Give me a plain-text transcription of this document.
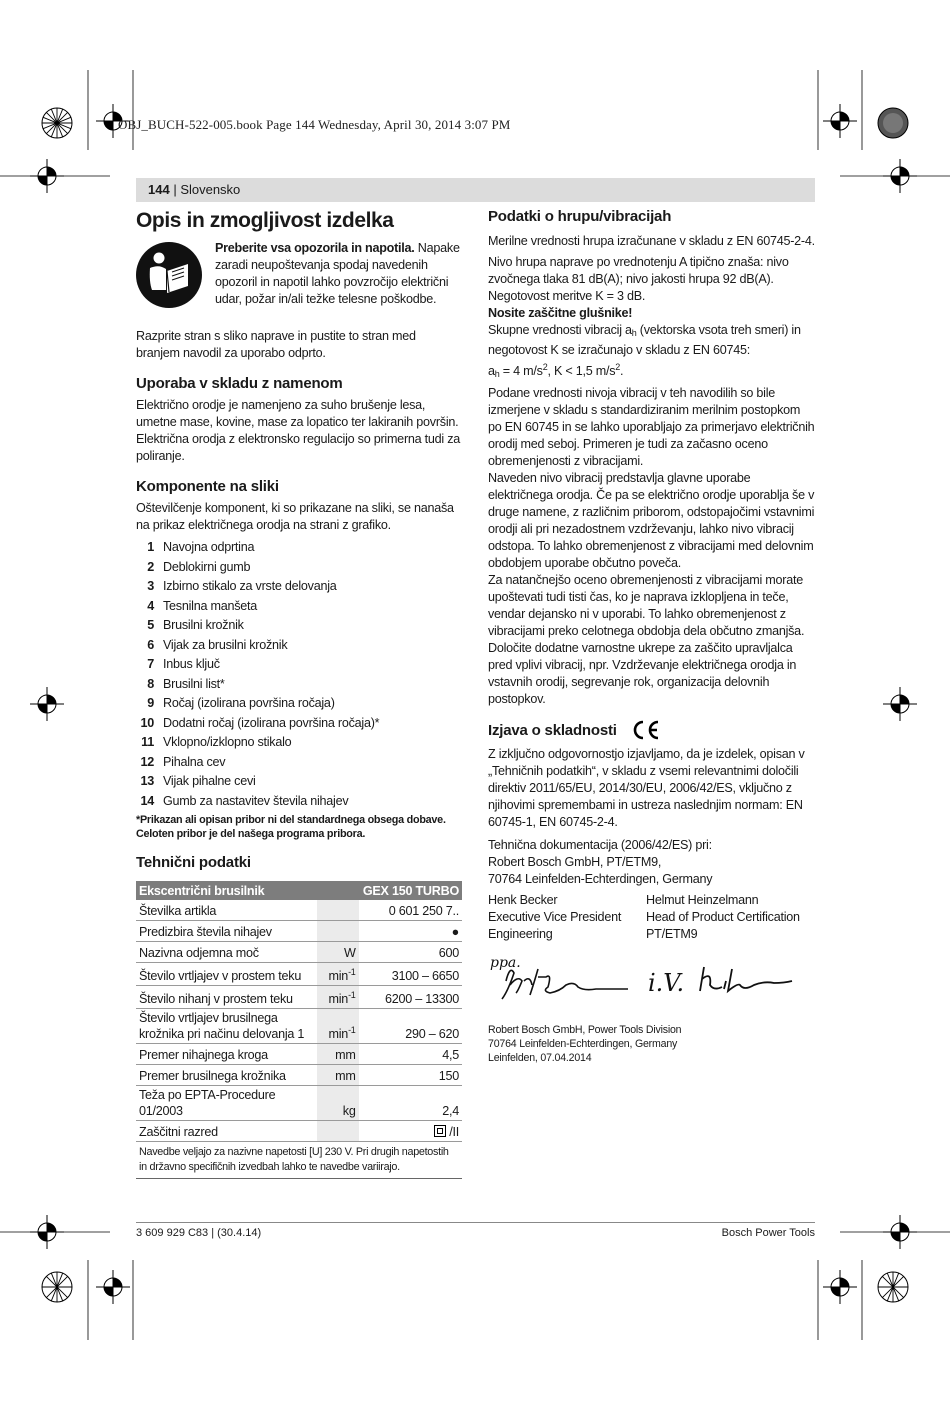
OBJ_BUCH-522-005.book Page 144 Wednesday, April 30, 2014 3:07 PM
144 | Slovensko
Opis in zmogljivost izdelka

Preberite vsa opozorila in napotila. Napake zaradi neupoštevanja spodaj navedenih opozoril in napotil lahko povzročijo električni udar, požar in/ali težke telesne poškodbe.

Razprite stran s sliko naprave in pustite to stran med branjem navodil za uporabo odprto.

Uporaba v skladu z namenom

Električno orodje je namenjeno za suho brušenje lesa, umetne mase, kovine, mase za lopatico ter lakiranih površin. Električna orodja z elektronsko regulacijo so primerna tudi za poliranje.

Komponente na sliki

Oštevilčenje komponent, ki so prikazane na sliki, se nanaša na prikaz električnega orodja na strani z grafiko.

1 Navojna odprtina
2 Deblokirni gumb
3 Izbirno stikalo za vrste delovanja
4 Tesnilna manšeta
5 Brusilni krožnik
6 Vijak za brusilni krožnik
7 Inbus ključ
8 Brusilni list*
9 Ročaj (izolirana površina ročaja)
10 Dodatni ročaj (izolirana površina ročaja)*
11 Vklopno/izklopno stikalo
12 Pihalna cev
13 Vijak pihalne cevi
14 Gumb za nastavitev števila nihajev
*Prikazan ali opisan pribor ni del standardnega obsega dobave. Celoten pribor je del našega programa pribora.
Tehnični podatki
Ekscentrični brusilnik		GEX 150 TURBO
Številka artikla		0 601 250 7..
Predizbira števila nihajev		●
Nazivna odjemna moč	W	600
Število vrtljajev v prostem teku	$\min^{-1}$	3100 – 6650
Število nihanj v prostem teku	$\min^{-1}$	6200 – 13300
Število vrtljajev brusilnega krožnika pri načinu delovanja 1	$\min^{-1}$	290 – 620
Premer nihajnega kroga	mm	4,5
Premer brusilnega krožnika	mm	150
Teža po EPTA-Procedure 01/2003	kg	2,4
Zaščitni razred		/II
Navedbe veljajo za nazivne napetosti [U] 230 V. Pri drugih napetostih in državno specifičnih izvedbah lahko te navedbe variirajo.		
Podatki o hrupu/vibracijah

Merilne vrednosti hrupa izračunane v skladu z EN 60745-2-4.

Nivo hrupa naprave po vrednotenju A tipično znaša: nivo zvočnega tlaka 81 dB(A); nivo jakosti hrupa 92 dB(A). Negotovost meritve K = 3 dB.

Nosite zaščitne glušnike!

Skupne vrednosti vibracij $a_h$ (vektorska vsota treh smeri) in negotovost K se izračunajo v skladu z EN 60745:

$a_h = 4$ $m/s^2$, K < 1,5 $m/s^2$.

Podane vrednosti nivoja vibracij v teh navodilih so bile izmerjene v skladu s standardiziranim merilnim postopkom po EN 60745 in se lahko uporabljajo za primerjavo električnih orodij med seboj. Primeren je tudi za začasno oceno obremenjenosti z vibracijami.

Naveden nivo vibracij predstavlja glavne uporabe električnega orodja. Če pa se električno orodje uporablja še v druge namene, z različnim priborom, odstopajočimi vstavnimi orodji ali pri nezadostnem vzdrževanju, lahko nivo vibracij odstopa. To lahko obremenjenost z vibracijami med delovnim obdobjem uporabe občutno poveča.

Za natančnejšo oceno obremenjenosti z vibracijami morate upoštevati tudi tisti čas, ko je naprava izklopljena in teče, vendar dejansko ni v uporabi. To lahko obremenjenost z vibracijami preko celotnega obdobja dela občutno zmanjša.

Določite dodatne varnostne ukrepe za zaščito upravljalca pred vplivi vibracij, npr. Vzdrževanje električnega orodja in vstavnih orodij, segrevanje rok, organizacija delovnih postopkov.

Izjava o skladnosti

Z izključno odgovornostjo izjavljamo, da je izdelek, opisan v „Tehničnih podatkih“, v skladu z vsemi relevantnimi določili direktiv 2011/65/EU, 2014/30/EU, 2006/42/ES, vključno z njihovimi spremembami in ustreza naslednjim normam: EN 60745-1, EN 60745-2-4.

Tehnična dokumentacija (2006/42/ES) pri:

Robert Bosch GmbH, PT/ETM9,

70764 Leinfelden-Echterdingen, Germany

Henk Becker
Executive Vice President
Engineering

Helmut Heinzelmann
Head of Product Certification
PT/ETM9
ppa.
i.V.
Robert Bosch GmbH, Power Tools Division
70764 Leinfelden-Echterdingen, Germany
Leinfelden, 07.04.2014
3 609 929 C83 | (30.4.14)	Bosch Power Tools
